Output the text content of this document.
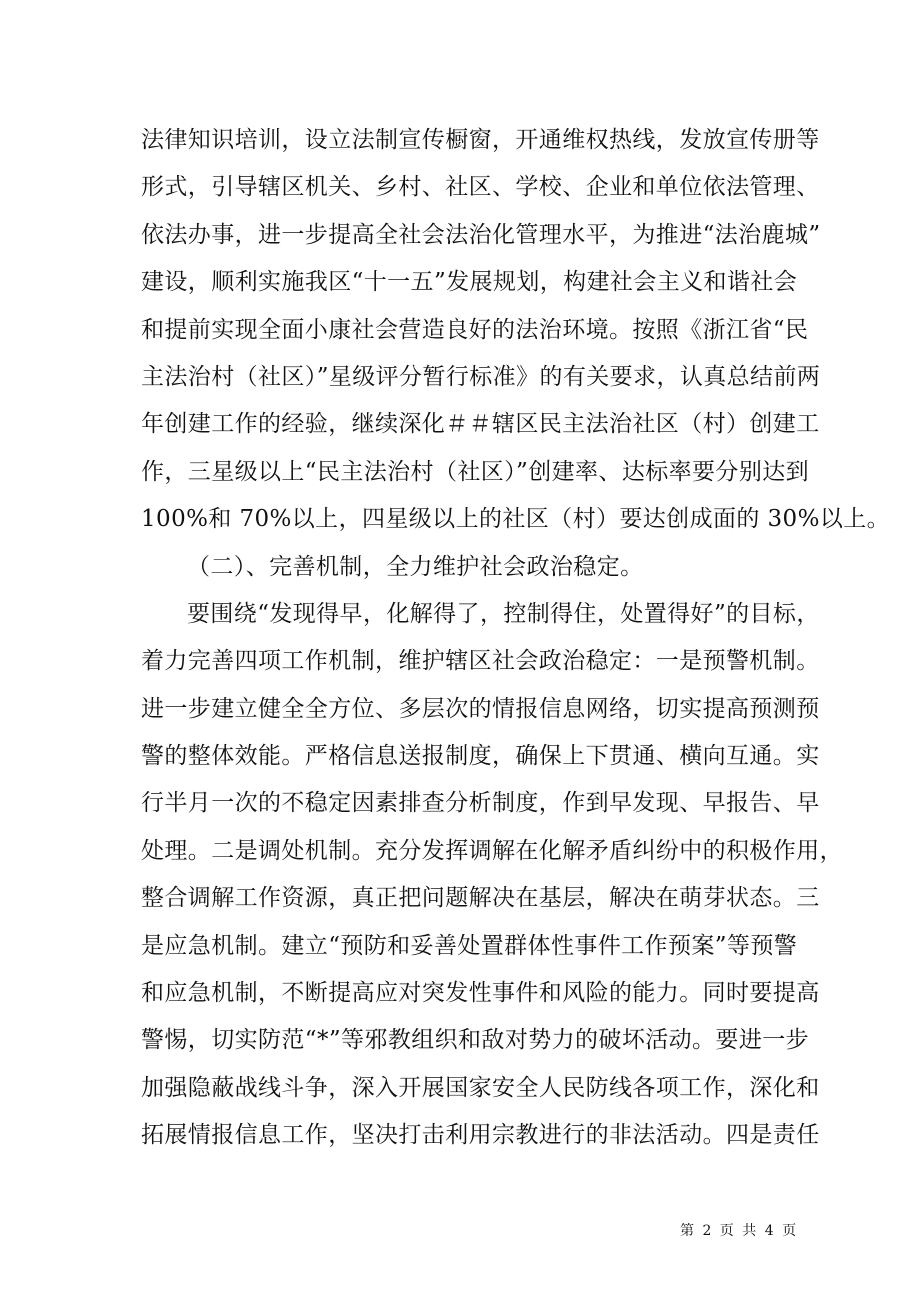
法律知识培训，设立法制宣传橱窗，开通维权热线，发放宣传册等
形式，引导辖区机关、乡村、社区、学校、企业和单位依法管理、
依法办事，进一步提高全社会法治化管理水平，为推进“法治鹿城”
建设，顺利实施我区“十一五”发展规划，构建社会主义和谐社会
和提前实现全面小康社会营造良好的法治环境。按照《浙江省“民
主法治村（社区）”星级评分暂行标准》的有关要求，认真总结前两
年创建工作的经验，继续深化＃＃辖区民主法治社区（村）创建工
作，三星级以上“民主法治村（社区）”创建率、达标率要分别达到
100%和 70%以上，四星级以上的社区（村）要达创成面的 30%以上。
（二）、完善机制，全力维护社会政治稳定。
要围绕“发现得早，化解得了，控制得住，处置得好”的目标，
着力完善四项工作机制，维护辖区社会政治稳定：一是预警机制。
进一步建立健全全方位、多层次的情报信息网络，切实提高预测预
警的整体效能。严格信息送报制度，确保上下贯通、横向互通。实
行半月一次的不稳定因素排查分析制度，作到早发现、早报告、早
处理。二是调处机制。充分发挥调解在化解矛盾纠纷中的积极作用，
整合调解工作资源，真正把问题解决在基层，解决在萌芽状态。三
是应急机制。建立“预防和妥善处置群体性事件工作预案”等预警
和应急机制，不断提高应对突发性事件和风险的能力。同时要提高
警惕，切实防范“*”等邪教组织和敌对势力的破坏活动。要进一步
加强隐蔽战线斗争，深入开展国家安全人民防线各项工作，深化和
拓展情报信息工作，坚决打击利用宗教进行的非法活动。四是责任
第 2 页 共 4 页
